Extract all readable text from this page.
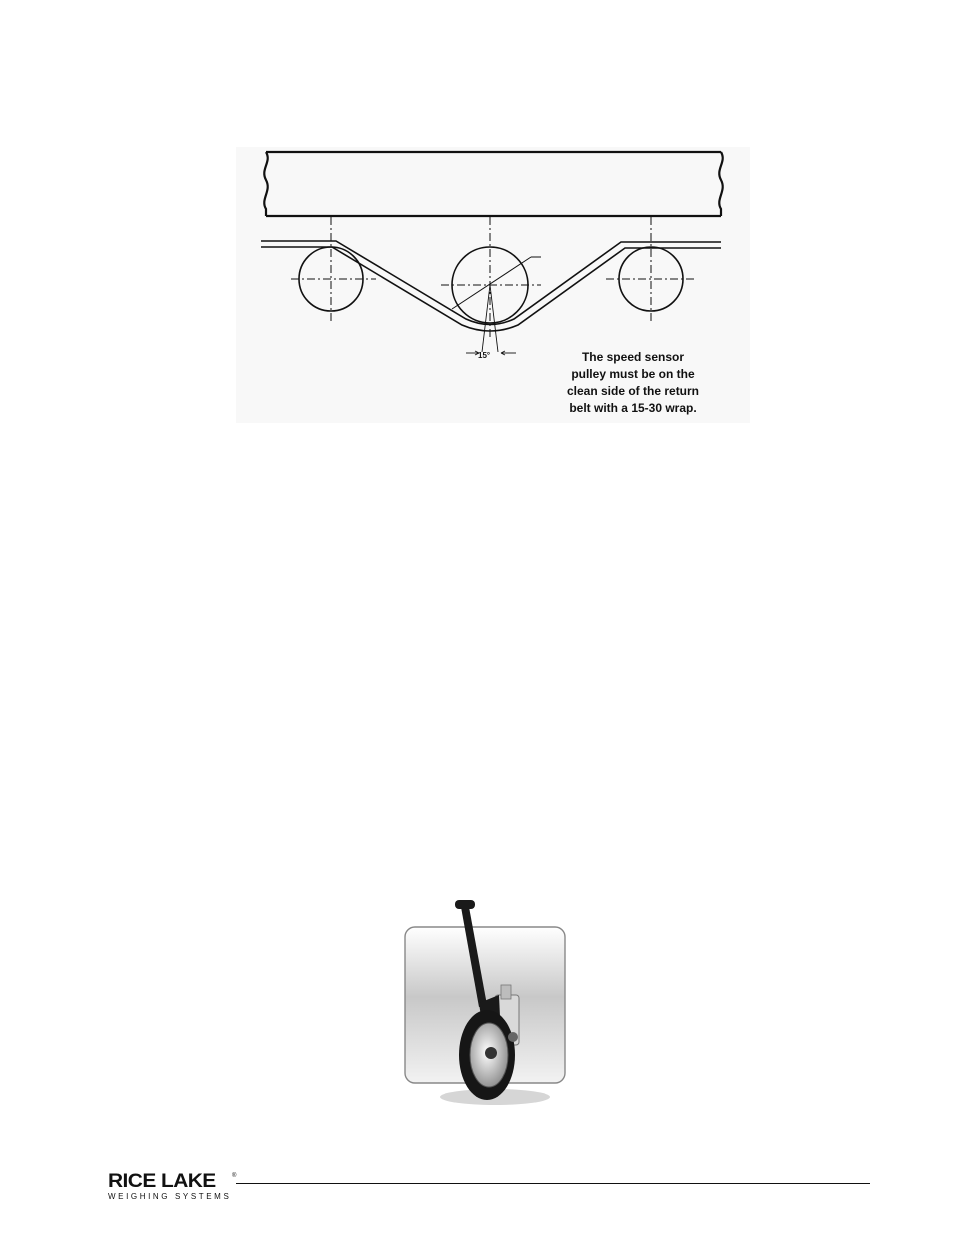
15°	The speed sensor
pulley must be on the
clean side of the return
belt with a 15-30 wrap.
RICE LAKE	®
WEIGHING SYSTEMS
